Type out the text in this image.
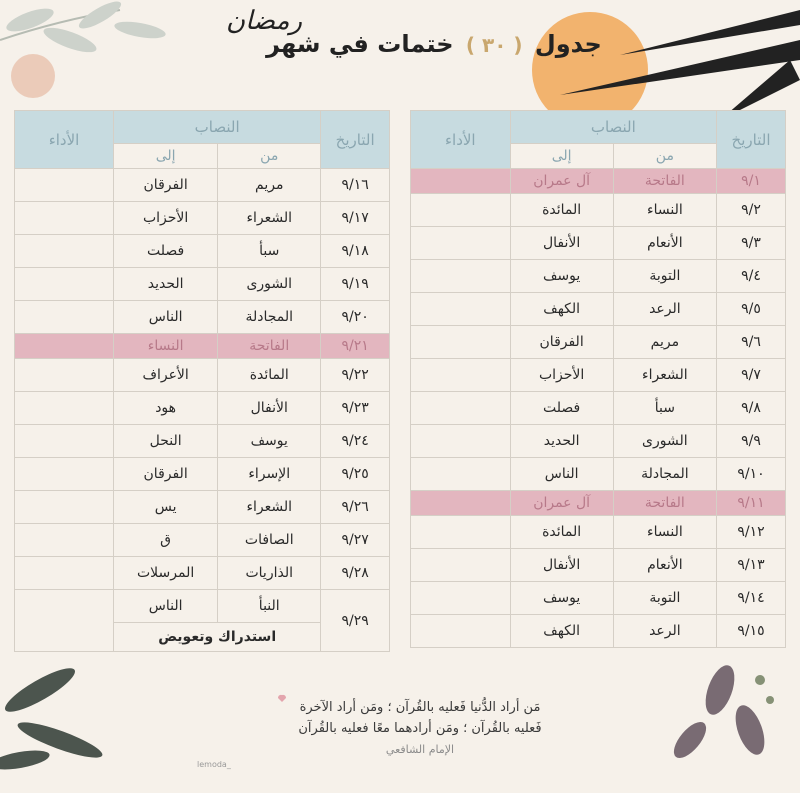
رمضان
جدول ( ٣٠ ) ختمات في شهر
التاريخ	النصاب		الأداء
	من	إلى	
٩/١	الفاتحة	آل عمران	
٩/٢	النساء	المائدة	
٩/٣	الأنعام	الأنفال	
٩/٤	التوبة	يوسف	
٩/٥	الرعد	الكهف	
٩/٦	مريم	الفرقان	
٩/٧	الشعراء	الأحزاب	
٩/٨	سبأ	فصلت	
٩/٩	الشورى	الحديد	
٩/١٠	المجادلة	الناس	
٩/١١	الفاتحة	آل عمران	
٩/١٢	النساء	المائدة	
٩/١٣	الأنعام	الأنفال	
٩/١٤	التوبة	يوسف	
٩/١٥	الرعد	الكهف	
التاريخ	النصاب		الأداء
	من	إلى	
٩/١٦	مريم	الفرقان	
٩/١٧	الشعراء	الأحزاب	
٩/١٨	سبأ	فصلت	
٩/١٩	الشورى	الحديد	
٩/٢٠	المجادلة	الناس	
٩/٢١	الفاتحة	النساء	
٩/٢٢	المائدة	الأعراف	
٩/٢٣	الأنفال	هود	
٩/٢٤	يوسف	النحل	
٩/٢٥	الإسراء	الفرقان	
٩/٢٦	الشعراء	يس	
٩/٢٧	الصافات	ق	
٩/٢٨	الذاريات	المرسلات	
٩/٢٩	النبأ	الناس	
	استدراك وتعويض		
مَن أراد الدُّنيا فَعليه بالقُرآن ؛ ومَن أراد الآخرة
فَعليه بالقُرآن ؛ ومَن أرادهما معًا فعليه بالقُرآن
الإمام الشافعي
lemoda_
